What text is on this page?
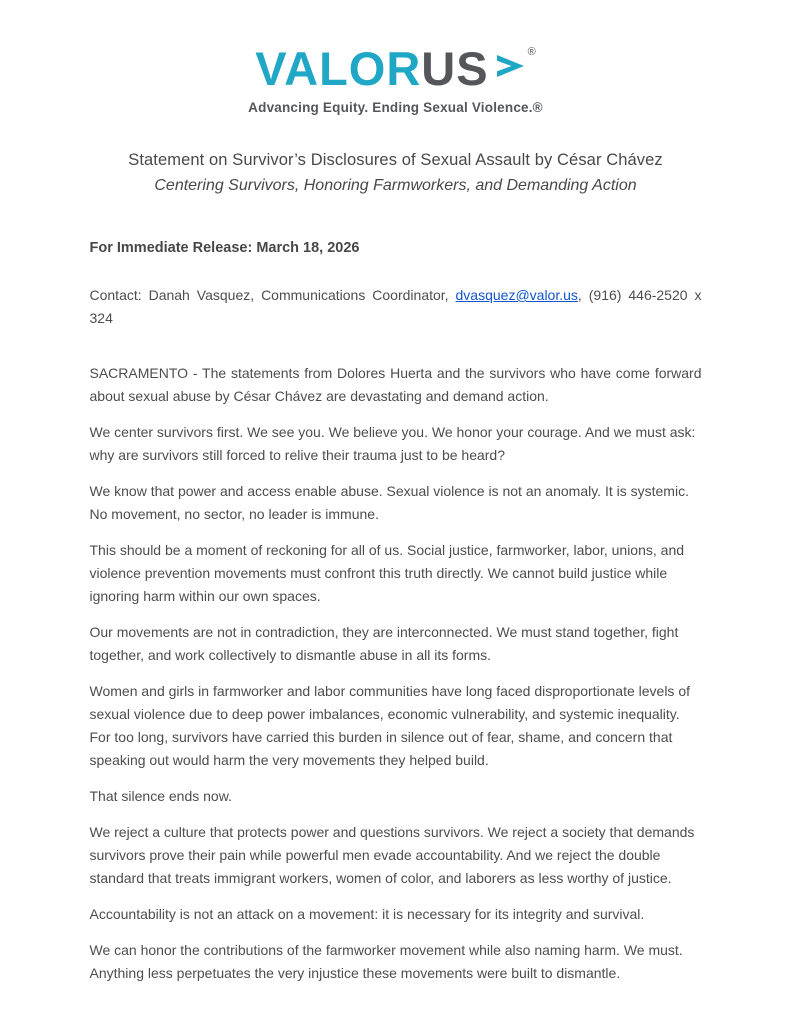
VALORUS	®
Advancing Equity. Ending Sexual Violence.®
Statement on Survivor’s Disclosures of Sexual Assault by César Chávez
Centering Survivors, Honoring Farmworkers, and Demanding Action
For Immediate Release: March 18, 2026

Contact: Danah Vasquez, Communications Coordinator, dvasquez@valor.us, (916) 446-2520 x 324

SACRAMENTO - The statements from Dolores Huerta and the survivors who have come forward about sexual abuse by César Chávez are devastating and demand action.

We center survivors first. We see you. We believe you. We honor your courage. And we must ask: why are survivors still forced to relive their trauma just to be heard?

We know that power and access enable abuse. Sexual violence is not an anomaly. It is systemic. No movement, no sector, no leader is immune.

This should be a moment of reckoning for all of us. Social justice, farmworker, labor, unions, and violence prevention movements must confront this truth directly. We cannot build justice while ignoring harm within our own spaces.

Our movements are not in contradiction, they are interconnected. We must stand together, fight together, and work collectively to dismantle abuse in all its forms.

Women and girls in farmworker and labor communities have long faced disproportionate levels of sexual violence due to deep power imbalances, economic vulnerability, and systemic inequality. For too long, survivors have carried this burden in silence out of fear, shame, and concern that speaking out would harm the very movements they helped build.

That silence ends now.

We reject a culture that protects power and questions survivors. We reject a society that demands survivors prove their pain while powerful men evade accountability. And we reject the double standard that treats immigrant workers, women of color, and laborers as less worthy of justice.

Accountability is not an attack on a movement: it is necessary for its integrity and survival.

We can honor the contributions of the farmworker movement while also naming harm. We must. Anything less perpetuates the very injustice these movements were built to dismantle.
